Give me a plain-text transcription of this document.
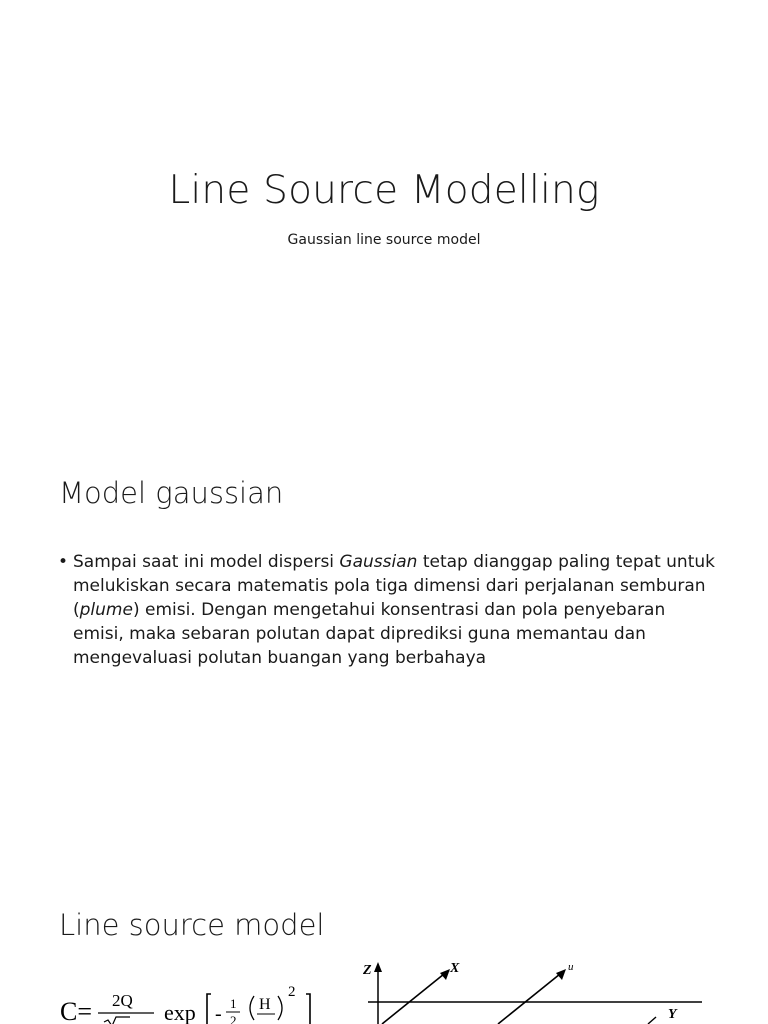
Line Source Modelling
Gaussian line source model
Model gaussian
• Sampai saat ini model dispersi Gaussian tetap dianggap paling tepat untuk melukiskan secara matematis pola tiga dimensi dari perjalanan semburan (plume) emisi. Dengan mengetahui konsentrasi dan pola penyebaran emisi, maka sebaran polutan dapat diprediksi guna memantau dan mengevaluasi polutan buangan yang berbahaya
Line source model
C= 2Q exp - 1
2
H
2
Z
Y
X	u
